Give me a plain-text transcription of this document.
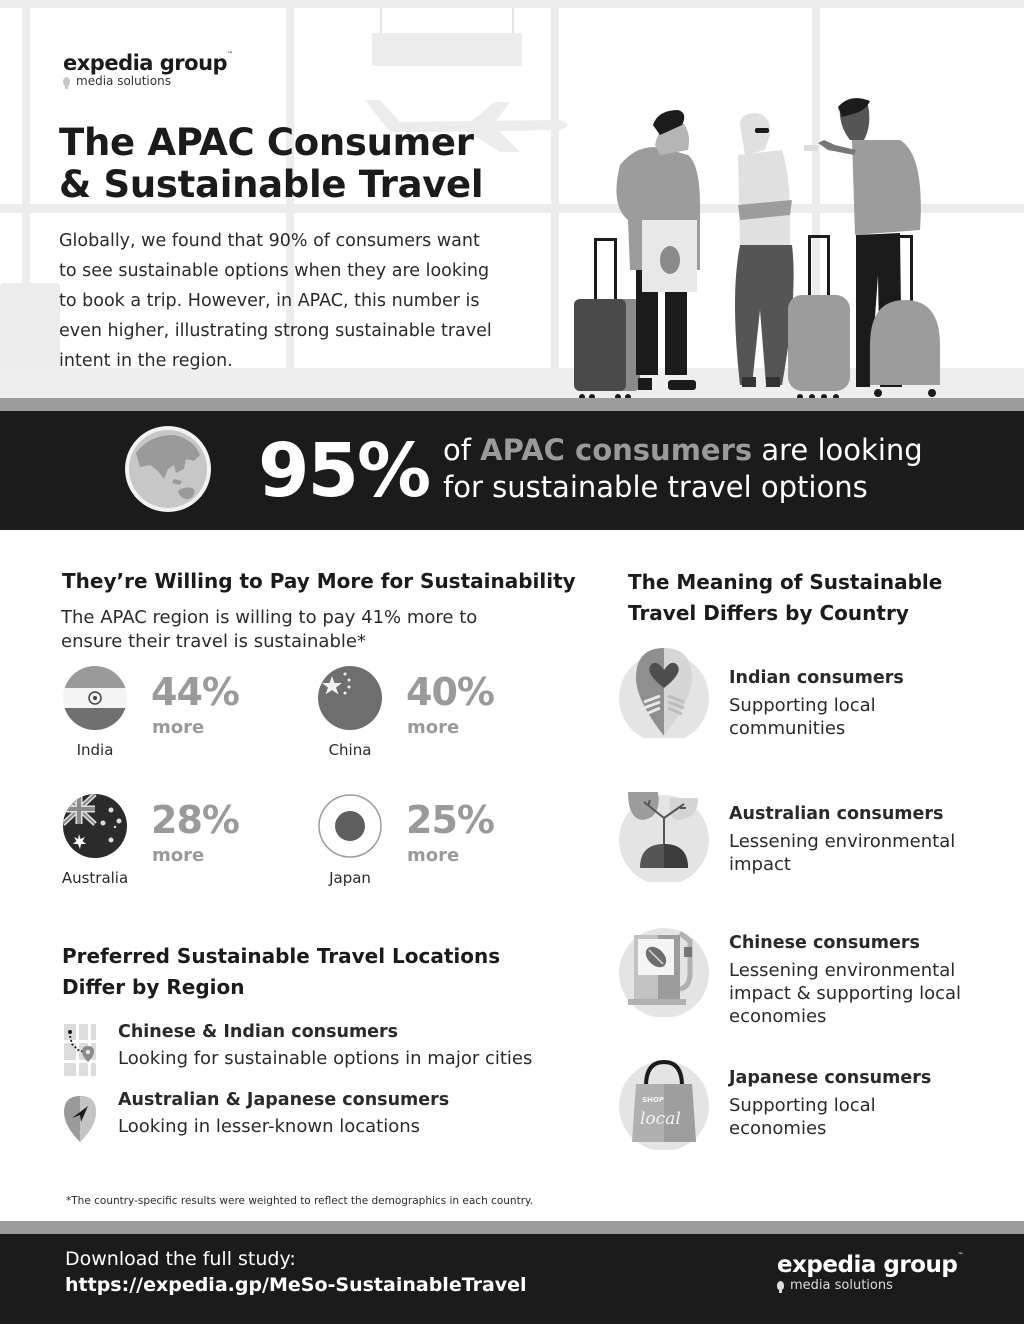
expedia group™
media solutions
The APAC Consumer
& Sustainable Travel

Globally, we found that 90% of consumers want to see sustainable options when they are looking to book a trip. However, in APAC, this number is even higher, illustrating strong sustainable travel intent in the region.

95% of APAC consumers are looking
for sustainable travel options
They’re Willing to Pay More for Sustainability

The APAC region is willing to pay 41% more to ensure their travel is sustainable*

India
44%
more
China
40%
more
Australia
28%
more
Japan
25%
more
Preferred Sustainable Travel Locations
Differ by Region
Chinese & Indian consumers
Looking for sustainable options in major cities
Australian & Japanese consumers
Looking in lesser-known locations
The Meaning of Sustainable
Travel Differs by Country
Indian consumers
Supporting local communities
Australian consumers
Lessening environmental impact
Chinese consumers
Lessening environmental impact & supporting local economies
SHOP
local
Japanese consumers
Supporting local economies

*The country-specific results were weighted to reflect the demographics in each country.

Download the full study:
https://expedia.gp/MeSo-SustainableTravel
expedia group™
media solutions
